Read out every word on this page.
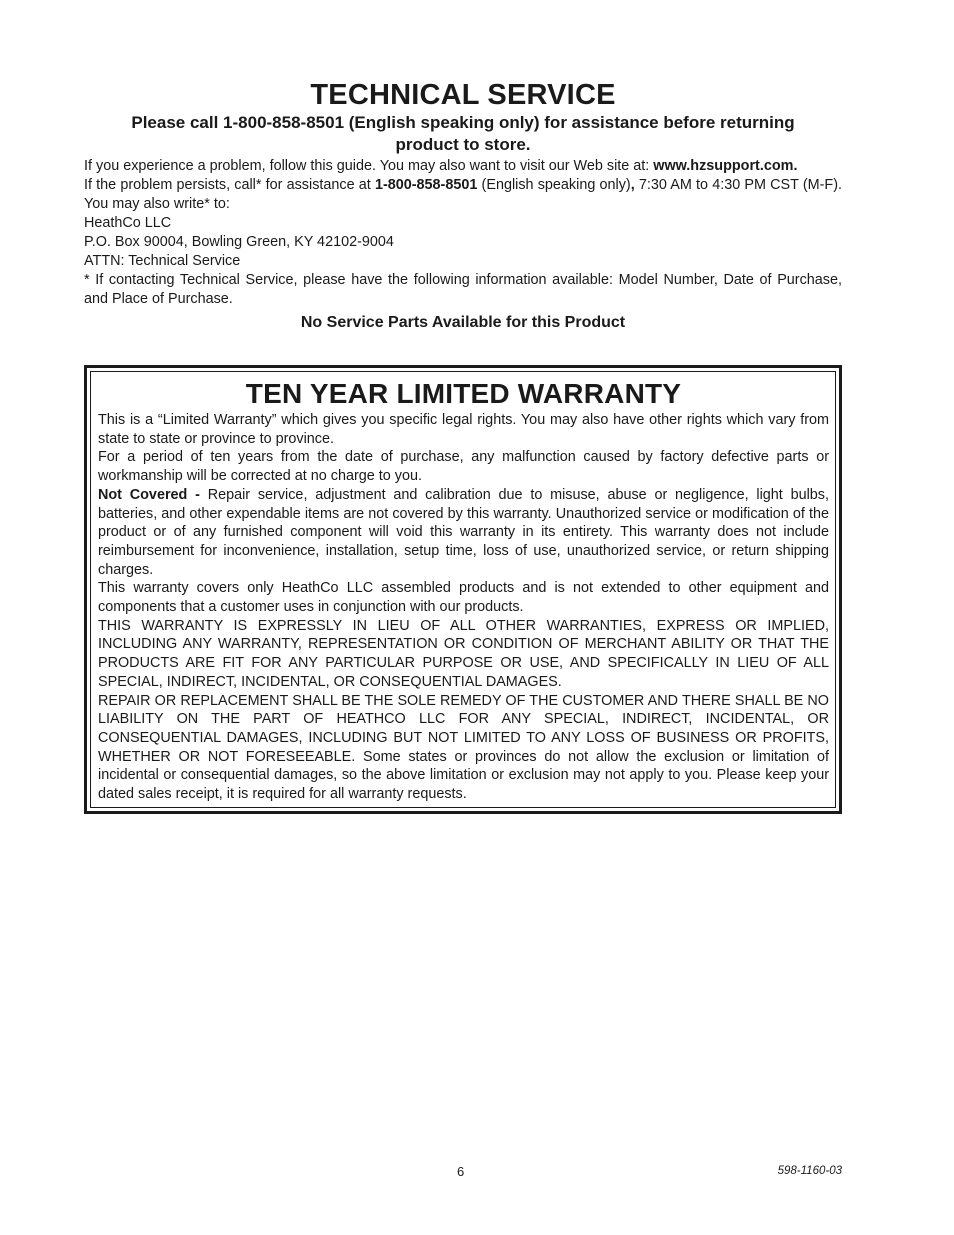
TECHNICAL SERVICE

Please call 1-800-858-8501 (English speaking only) for assistance before returning product to store.

If you experience a problem, follow this guide. You may also want to visit our Web site at: www.hzsupport.com.

If the problem persists, call* for assistance at 1-800-858-8501 (English speaking only), 7:30 AM to 4:30 PM CST (M-F). You may also write* to:

HeathCo LLC

P.O. Box 90004, Bowling Green, KY 42102-9004

ATTN: Technical Service

* If contacting Technical Service, please have the following information available: Model Number, Date of Purchase, and Place of Purchase.

No Service Parts Available for this Product

TEN YEAR LIMITED WARRANTY

This is a “Limited Warranty” which gives you specific legal rights. You may also have other rights which vary from state to state or province to province.

For a period of ten years from the date of purchase, any malfunction caused by factory defective parts or workmanship will be corrected at no charge to you.

Not Covered - Repair service, adjustment and calibration due to misuse, abuse or negligence, light bulbs, batteries, and other expendable items are not covered by this warranty. Unauthorized service or modification of the product or of any furnished component will void this warranty in its entirety. This warranty does not include reimbursement for inconvenience, installation, setup time, loss of use, unauthorized service, or return shipping charges.

This warranty covers only HeathCo LLC assembled products and is not extended to other equipment and components that a customer uses in conjunction with our products.

THIS WARRANTY IS EXPRESSLY IN LIEU OF ALL OTHER WARRANTIES, EXPRESS OR IMPLIED, INCLUDING ANY WARRANTY, REPRESENTATION OR CONDITION OF MERCHANT ABILITY OR THAT THE PRODUCTS ARE FIT FOR ANY PARTICULAR PURPOSE OR USE, AND SPECIFICALLY IN LIEU OF ALL SPECIAL, INDIRECT, INCIDENTAL, OR CONSEQUENTIAL DAMAGES.

REPAIR OR REPLACEMENT SHALL BE THE SOLE REMEDY OF THE CUSTOMER AND THERE SHALL BE NO LIABILITY ON THE PART OF HEATHCO LLC FOR ANY SPECIAL, INDIRECT, INCIDENTAL, OR CONSEQUENTIAL DAMAGES, INCLUDING BUT NOT LIMITED TO ANY LOSS OF BUSINESS OR PROFITS, WHETHER OR NOT FORESEEABLE. Some states or provinces do not allow the exclusion or limitation of incidental or consequential damages, so the above limitation or exclusion may not apply to you. Please keep your dated sales receipt, it is required for all warranty requests.

6	598-1160-03
